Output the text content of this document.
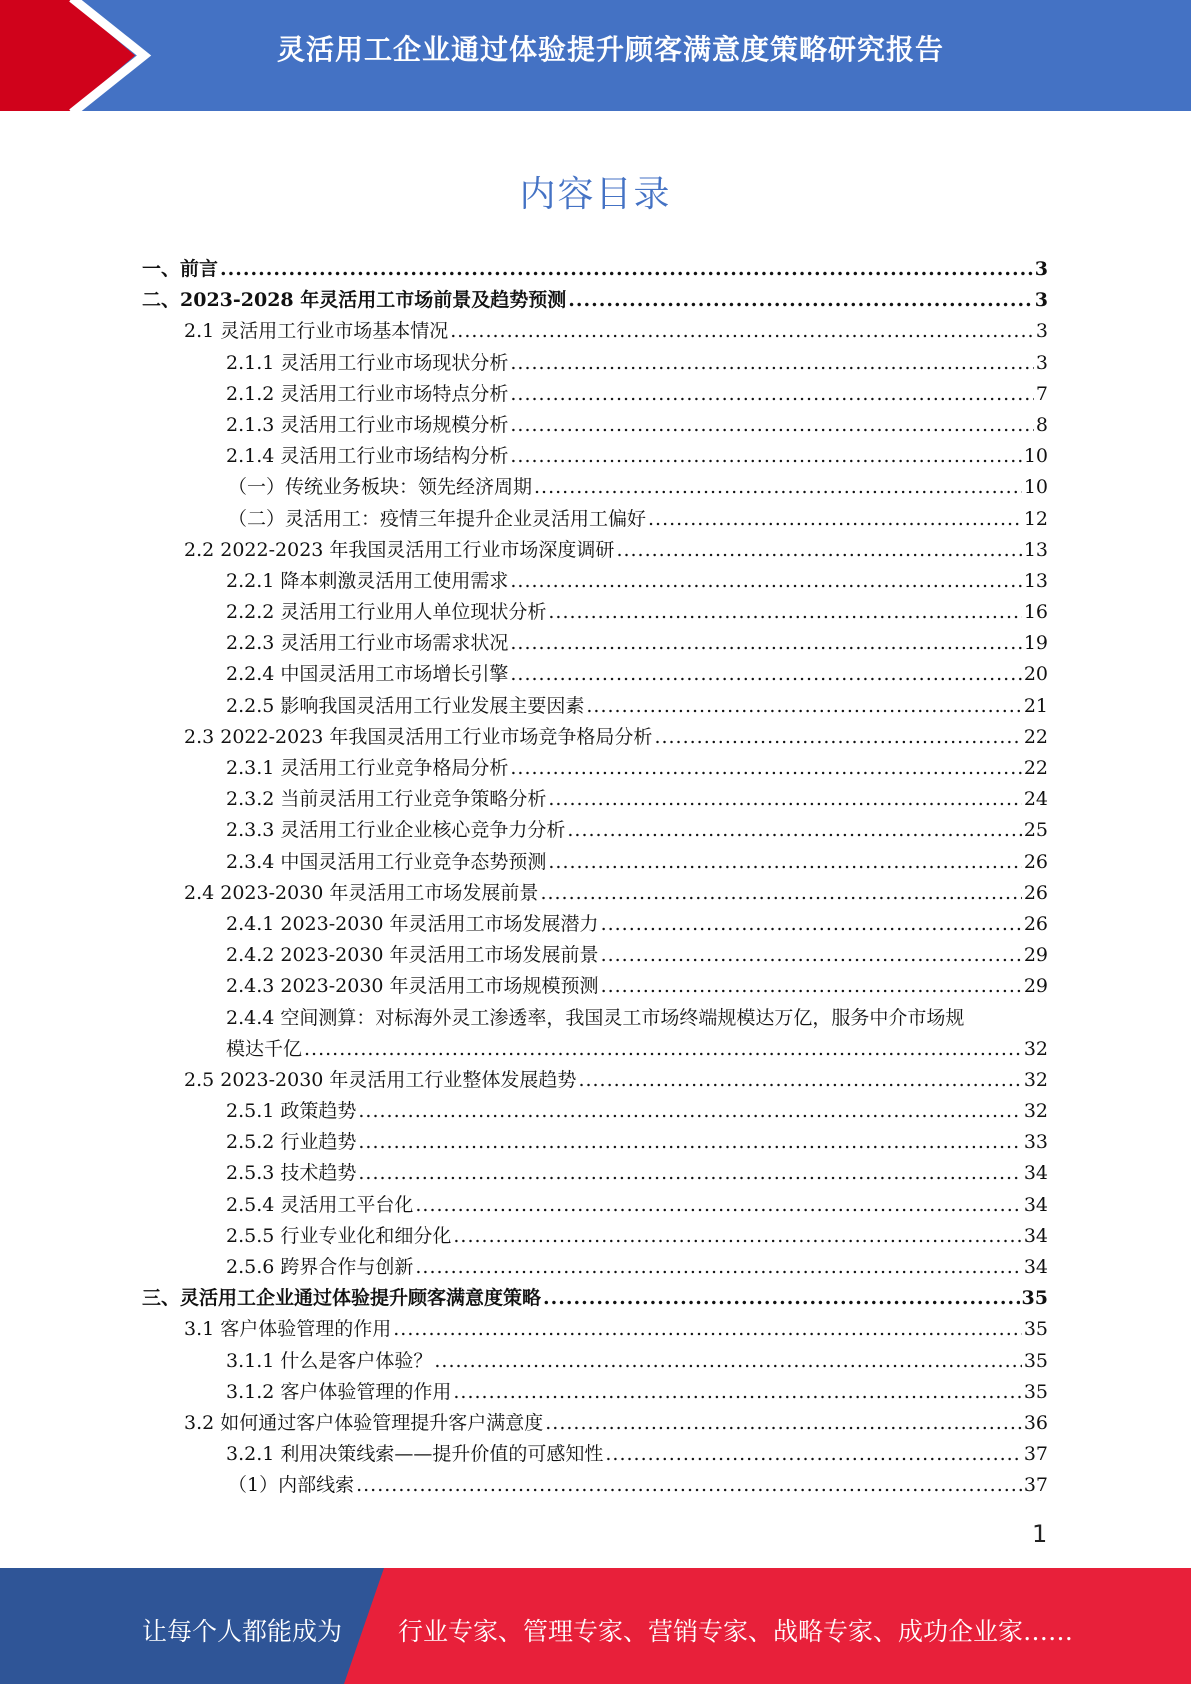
灵活用工企业通过体验提升顾客满意度策略研究报告
内容目录
一、前言 .....	3
二、2023-2028 年灵活用工市场前景及趋势预测 .....	3
2.1 灵活用工行业市场基本情况 .....	3
2.1.1 灵活用工行业市场现状分析 .....	3
2.1.2 灵活用工行业市场特点分析 .....	7
2.1.3 灵活用工行业市场规模分析 .....	8
2.1.4 灵活用工行业市场结构分析 .....	10
（一）传统业务板块：领先经济周期 .....	10
（二）灵活用工：疫情三年提升企业灵活用工偏好 .....	12
2.2 2022-2023 年我国灵活用工行业市场深度调研 .....	13
2.2.1 降本刺激灵活用工使用需求 .....	13
2.2.2 灵活用工行业用人单位现状分析 .....	16
2.2.3 灵活用工行业市场需求状况 .....	19
2.2.4 中国灵活用工市场增长引擎 .....	20
2.2.5 影响我国灵活用工行业发展主要因素 .....	21
2.3 2022-2023 年我国灵活用工行业市场竞争格局分析 .....	22
2.3.1 灵活用工行业竞争格局分析 .....	22
2.3.2 当前灵活用工行业竞争策略分析 .....	24
2.3.3 灵活用工行业企业核心竞争力分析 .....	25
2.3.4 中国灵活用工行业竞争态势预测 .....	26
2.4 2023-2030 年灵活用工市场发展前景 .....	26
2.4.1 2023-2030 年灵活用工市场发展潜力 .....	26
2.4.2 2023-2030 年灵活用工市场发展前景 .....	29
2.4.3 2023-2030 年灵活用工市场规模预测 .....	29
2.4.4 空间测算：对标海外灵工渗透率，我国灵工市场终端规模达万亿，服务中介市场规
模达千亿 .....	32
2.5 2023-2030 年灵活用工行业整体发展趋势 .....	32
2.5.1 政策趋势 .....	32
2.5.2 行业趋势 .....	33
2.5.3 技术趋势 .....	34
2.5.4 灵活用工平台化 .....	34
2.5.5 行业专业化和细分化 .....	34
2.5.6 跨界合作与创新 .....	34
三、灵活用工企业通过体验提升顾客满意度策略 .....	35
3.1 客户体验管理的作用 .....	35
3.1.1 什么是客户体验？ .....	35
3.1.2 客户体验管理的作用 .....	35
3.2 如何通过客户体验管理提升客户满意度 .....	36
3.2.1 利用决策线索——提升价值的可感知性 .....	37
（1）内部线索 .....	37
1
让每个人都能成为 行业专家、管理专家、营销专家、战略专家、成功企业家……
